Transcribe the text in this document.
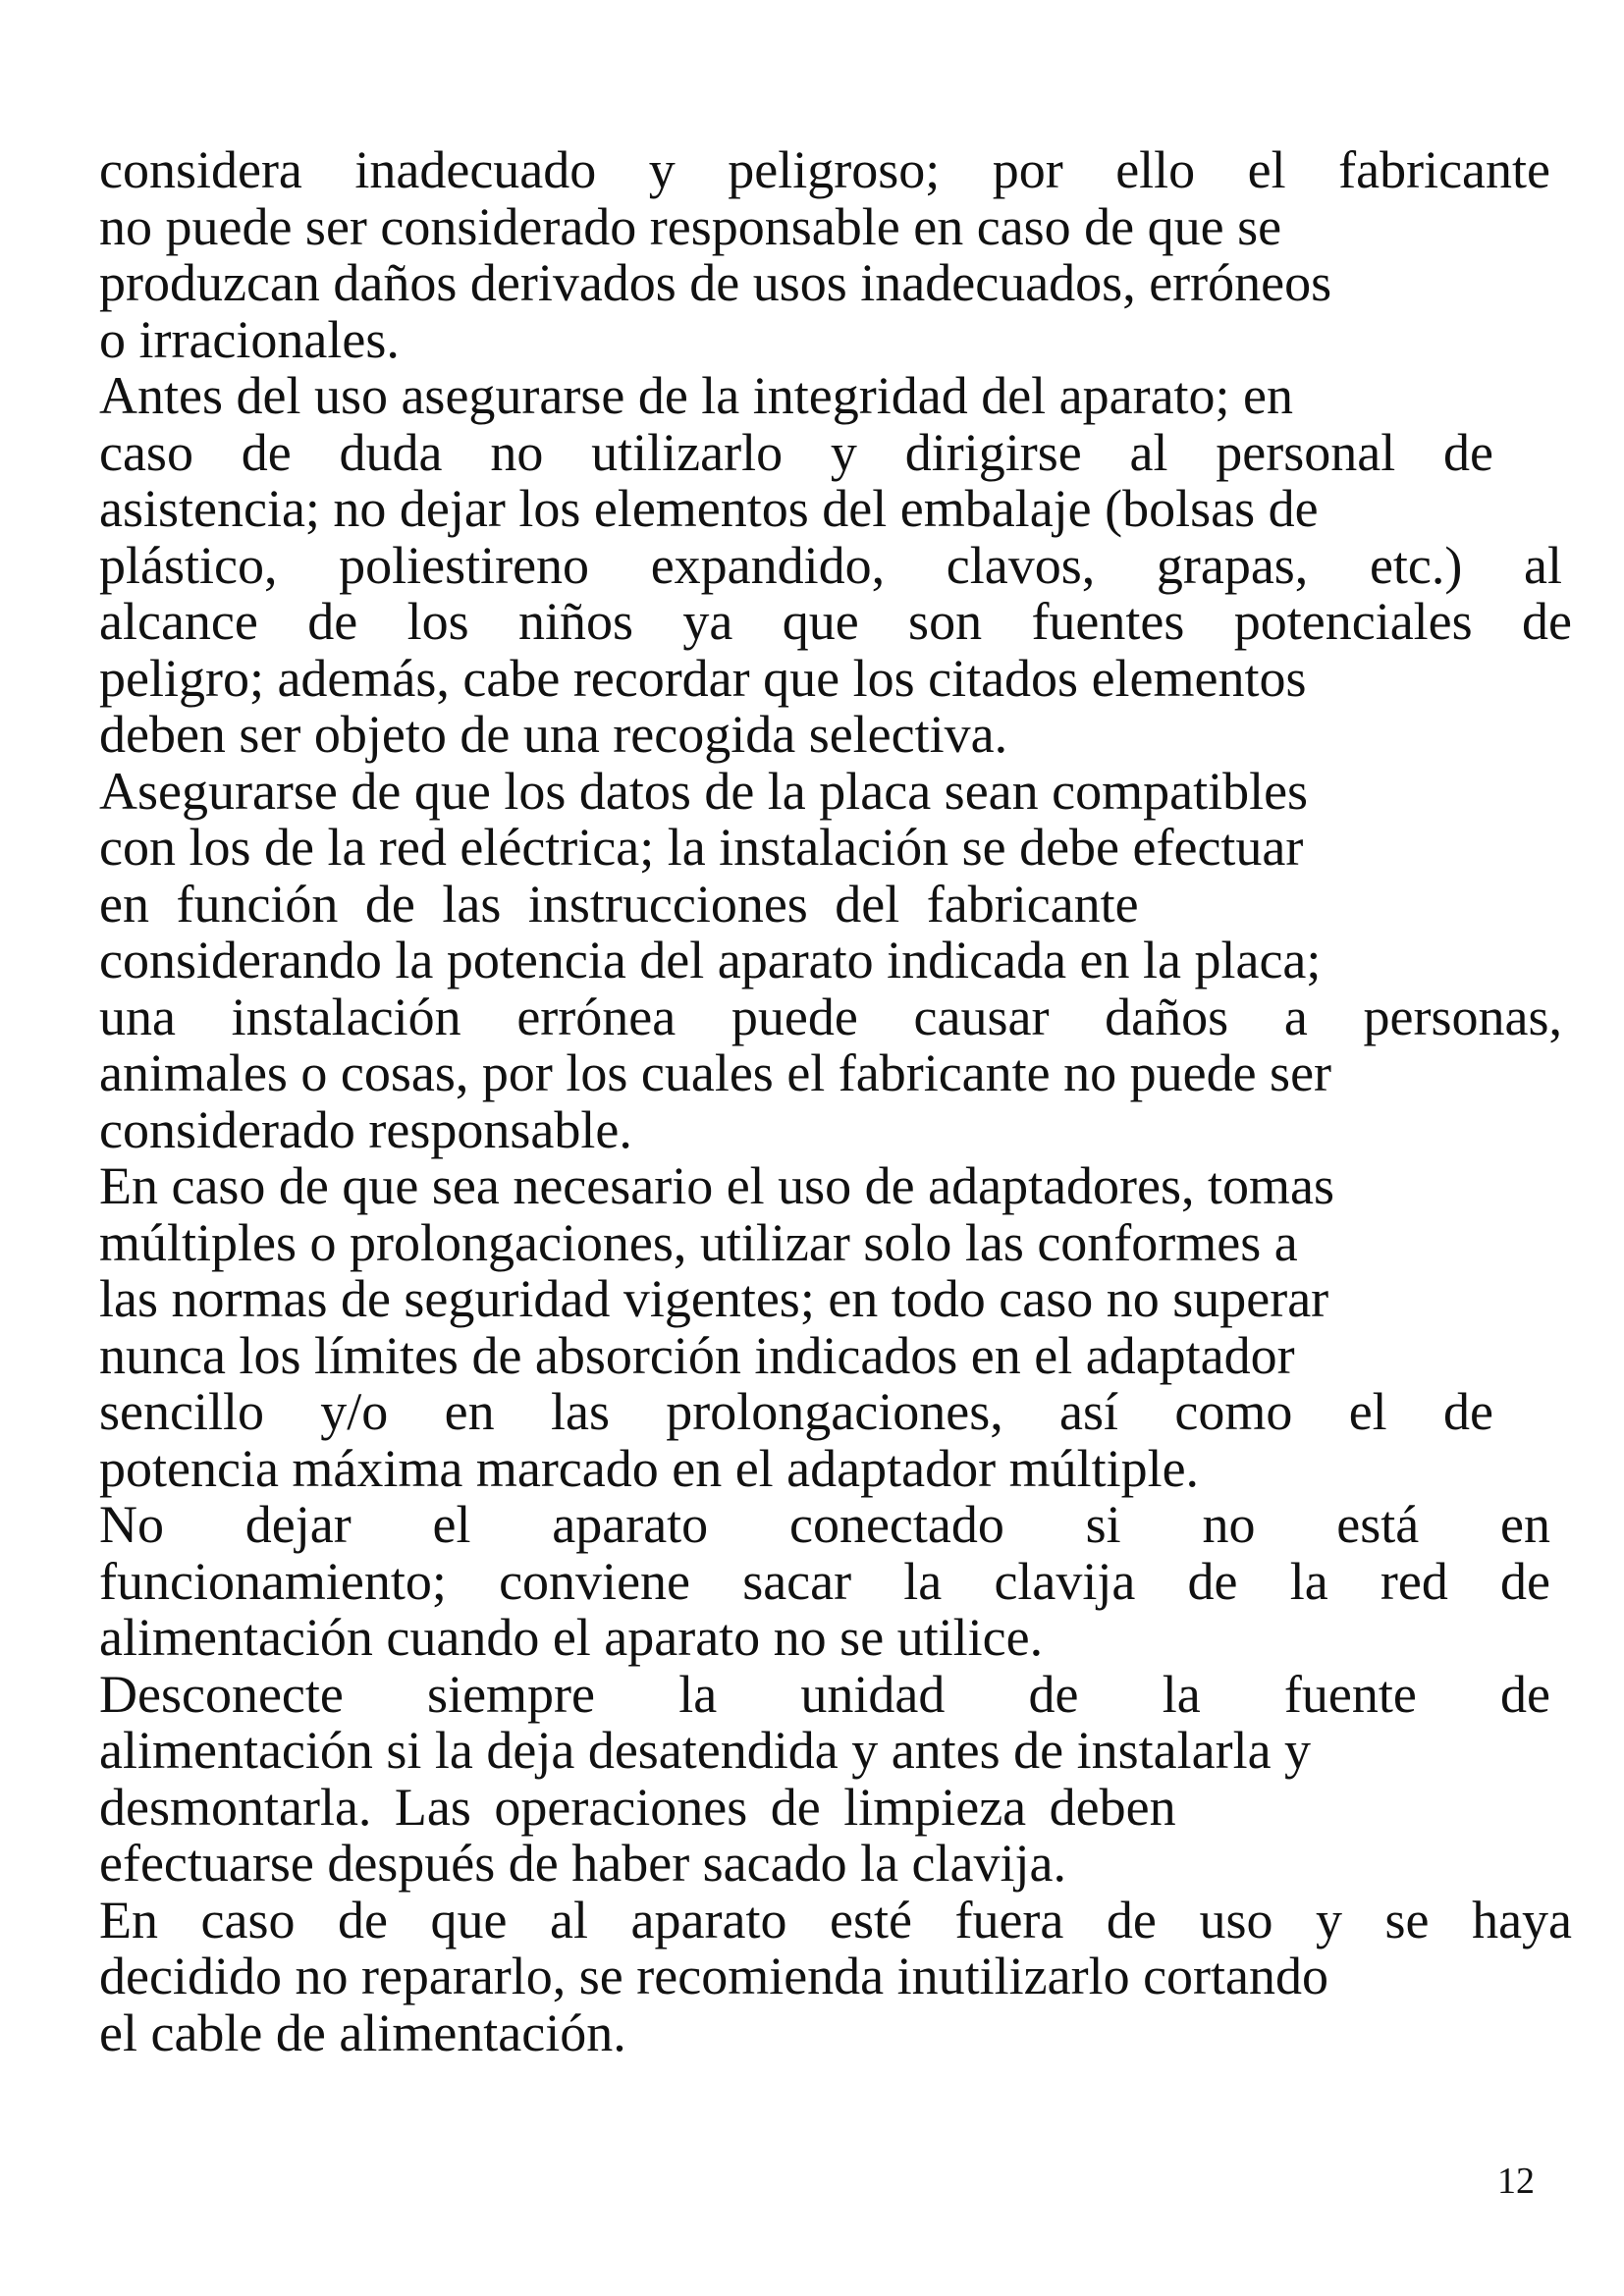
considera inadecuado y peligroso; por ello el fabricante
no puede ser considerado responsable en caso de que se
produzcan daños derivados de usos inadecuados, erróneos
o irracionales.
Antes del uso asegurarse de la integridad del aparato; en
caso de duda no utilizarlo y dirigirse al personal de
asistencia; no dejar los elementos del embalaje (bolsas de
plástico, poliestireno expandido, clavos, grapas, etc.) al
alcance de los niños ya que son fuentes potenciales de
peligro; además, cabe recordar que los citados elementos
deben ser objeto de una recogida selectiva.
Asegurarse de que los datos de la placa sean compatibles
con los de la red eléctrica; la instalación se debe efectuar
en función de las instrucciones del fabricante
considerando la potencia del aparato indicada en la placa;
una instalación errónea puede causar daños a personas,
animales o cosas, por los cuales el fabricante no puede ser
considerado responsable.
En caso de que sea necesario el uso de adaptadores, tomas
múltiples o prolongaciones, utilizar solo las conformes a
las normas de seguridad vigentes; en todo caso no superar
nunca los límites de absorción indicados en el adaptador
sencillo y/o en las prolongaciones, así como el de
potencia máxima marcado en el adaptador múltiple.
No dejar el aparato conectado si no está en
funcionamiento; conviene sacar la clavija de la red de
alimentación cuando el aparato no se utilice.
Desconecte siempre la unidad de la fuente de
alimentación si la deja desatendida y antes de instalarla y
desmontarla. Las operaciones de limpieza deben
efectuarse después de haber sacado la clavija.
En caso de que al aparato esté fuera de uso y se haya
decidido no repararlo, se recomienda inutilizarlo cortando
el cable de alimentación.
12
